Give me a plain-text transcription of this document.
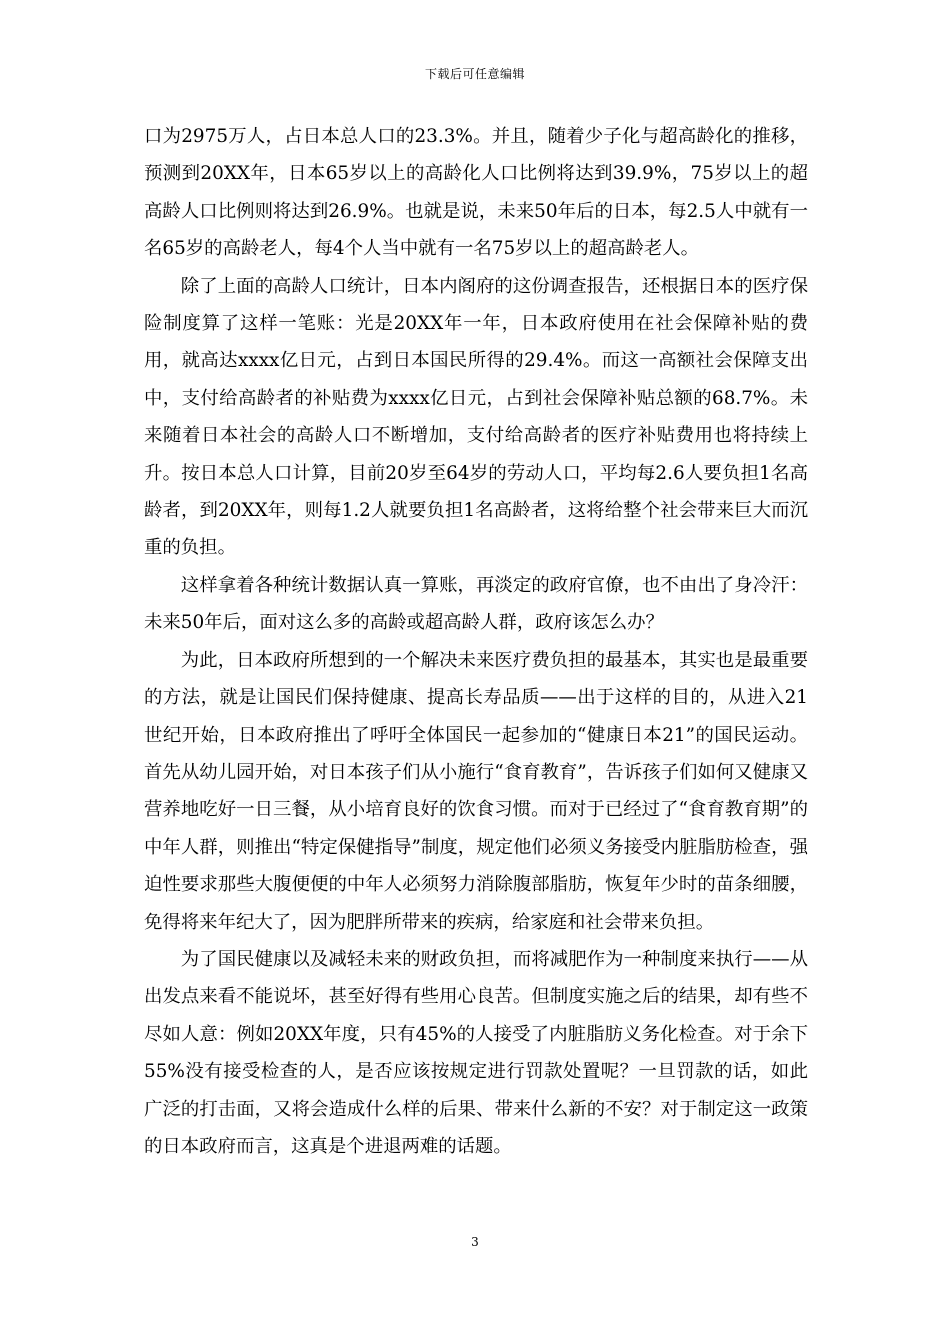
下载后可任意编辑

口为2975万人，占日本总人口的23.3%。并且，随着少子化与超高龄化的推移，预测到20XX年，日本65岁以上的高龄化人口比例将达到39.9%，75岁以上的超高龄人口比例则将达到26.9%。也就是说，未来50年后的日本，每2.5人中就有一名65岁的高龄老人，每4个人当中就有一名75岁以上的超高龄老人。

除了上面的高龄人口统计，日本内阁府的这份调查报告，还根据日本的医疗保险制度算了这样一笔账：光是20XX年一年，日本政府使用在社会保障补贴的费用，就高达xxxx亿日元，占到日本国民所得的29.4%。而这一高额社会保障支出中，支付给高龄者的补贴费为xxxx亿日元，占到社会保障补贴总额的68.7%。未来随着日本社会的高龄人口不断增加，支付给高龄者的医疗补贴费用也将持续上升。按日本总人口计算，目前20岁至64岁的劳动人口，平均每2.6人要负担1名高龄者，到20XX年，则每1.2人就要负担1名高龄者，这将给整个社会带来巨大而沉重的负担。

这样拿着各种统计数据认真一算账，再淡定的政府官僚，也不由出了身冷汗：未来50年后，面对这么多的高龄或超高龄人群，政府该怎么办？

为此，日本政府所想到的一个解决未来医疗费负担的最基本，其实也是最重要的方法，就是让国民们保持健康、提高长寿品质——出于这样的目的，从进入21世纪开始，日本政府推出了呼吁全体国民一起参加的“健康日本21”的国民运动。首先从幼儿园开始，对日本孩子们从小施行“食育教育”，告诉孩子们如何又健康又营养地吃好一日三餐，从小培育良好的饮食习惯。而对于已经过了“食育教育期”的中年人群，则推出“特定保健指导”制度，规定他们必须义务接受内脏脂肪检查，强迫性要求那些大腹便便的中年人必须努力消除腹部脂肪，恢复年少时的苗条细腰，免得将来年纪大了，因为肥胖所带来的疾病，给家庭和社会带来负担。

为了国民健康以及减轻未来的财政负担，而将减肥作为一种制度来执行——从出发点来看不能说坏，甚至好得有些用心良苦。但制度实施之后的结果，却有些不尽如人意：例如20XX年度，只有45%的人接受了内脏脂肪义务化检查。对于余下55%没有接受检查的人，是否应该按规定进行罚款处置呢？一旦罚款的话，如此广泛的打击面，又将会造成什么样的后果、带来什么新的不安？对于制定这一政策的日本政府而言，这真是个进退两难的话题。

3
